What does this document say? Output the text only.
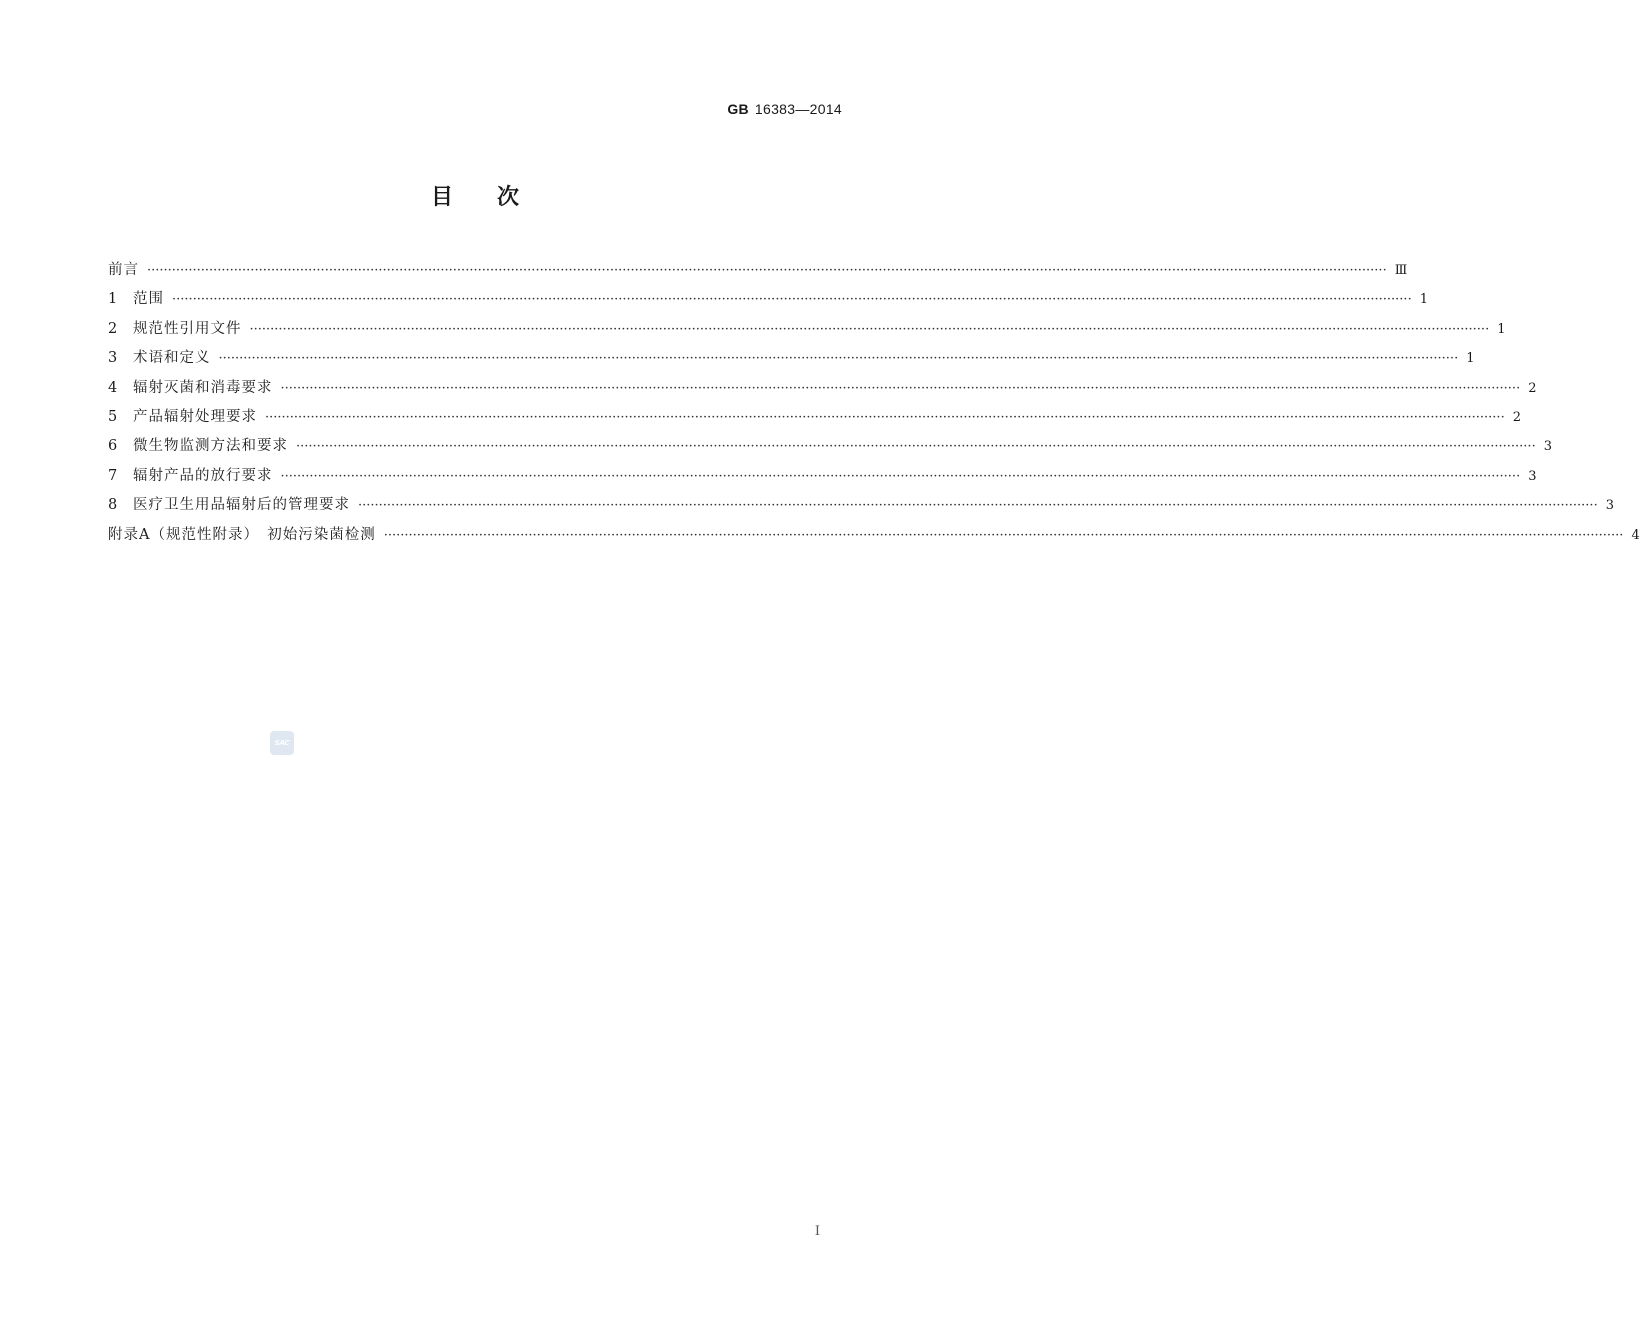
GB 16383—2014
目 次
前言 ············································································································································································································································································································ Ⅲ
1	范围 ············································································································································································································································································································ 1
2	规范性引用文件 ············································································································································································································································································································ 1
3	术语和定义 ············································································································································································································································································································ 1
4	辐射灭菌和消毒要求 ············································································································································································································································································································ 2
5	产品辐射处理要求 ············································································································································································································································································································ 2
6	微生物监测方法和要求 ············································································································································································································································································································ 3
7	辐射产品的放行要求 ············································································································································································································································································································ 3
8	医疗卫生用品辐射后的管理要求 ············································································································································································································································································································ 3
附录A（规范性附录）　初始污染菌检测 ············································································································································································································································································································ 4
SAC
I
